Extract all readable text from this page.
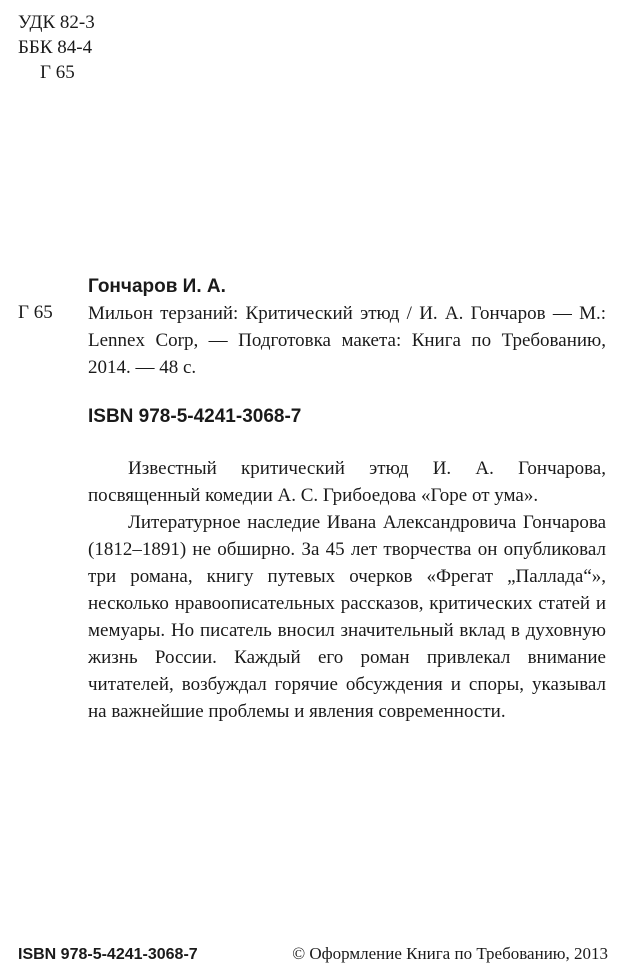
УДК 82-3
ББК 84-4
Г 65
Г 65

Гончаров И. А.

Мильон терзаний: Критический этюд / И. А. Гончаров — М.: Lennex Corp, — Подготовка макета: Книга по Требованию, 2014. — 48 с.

ISBN 978-5-4241-3068-7

Известный критический этюд И. А. Гончарова, посвященный комедии А. С. Грибоедова «Горе от ума».

Литературное наследие Ивана Александровича Гончарова (1812–1891) не обширно. За 45 лет творчества он опубликовал три романа, книгу путевых очерков «Фрегат „Паллада“», несколько нравоописательных рассказов, критических статей и мемуары. Но писатель вносил значительный вклад в духовную жизнь России. Каждый его роман привлекал внимание читателей, возбуждал горячие обсуждения и споры, указывал на важнейшие проблемы и явления современности.

ISBN 978-5-4241-3068-7	© Оформление Книга по Требованию, 2013
